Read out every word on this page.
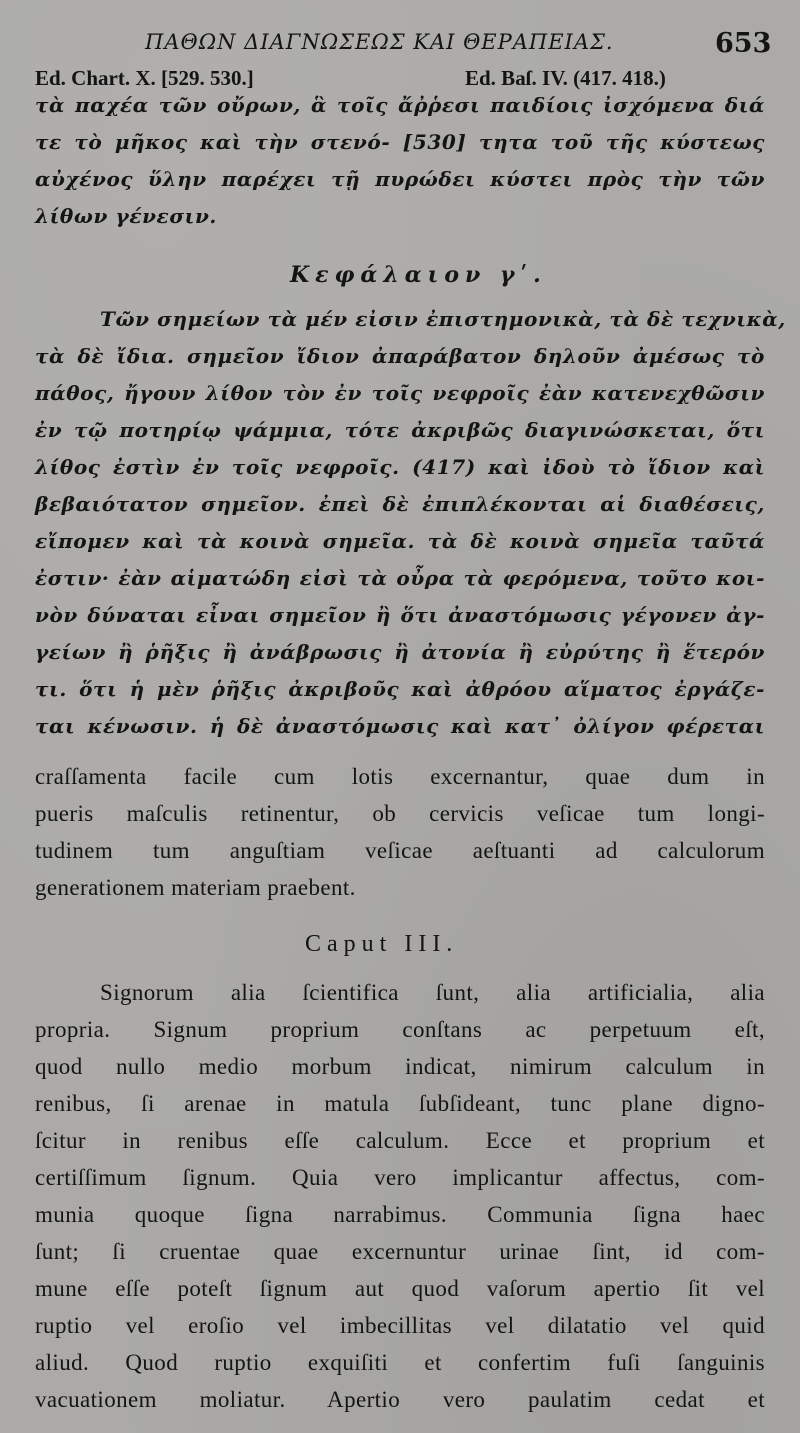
ΠΑΘΩΝ ΔΙΑΓΝΩΣΕΩΣ ΚΑΙ ΘΕΡΑΠΕΙΑΣ.	653
Ed. Chart. X. [529. 530.]	Ed. Baſ. IV. (417. 418.)
τὰ παχέα τῶν οὔρων, ἃ τοῖς ἄῤῥεσι παιδίοις ἰσχόμενα διά
τε τὸ μῆκος καὶ τὴν στενό- [530] τητα τοῦ τῆς κύστεως
αὐχένος ὕλην παρέχει τῇ πυρώδει κύστει πρὸς τὴν τῶν
λίθων γένεσιν.
Κεφάλαιον γʹ.
Τῶν σημείων τὰ μέν εἰσιν ἐπιστημονικὰ, τὰ δὲ τεχνικὰ,
τὰ δὲ ἴδια. σημεῖον ἴδιον ἀπαράβατον δηλοῦν ἀμέσως τὸ
πάθος, ἤγουν λίθον τὸν ἐν τοῖς νεφροῖς ἐὰν κατενεχθῶσιν
ἐν τῷ ποτηρίῳ ψάμμια, τότε ἀκριβῶς διαγινώσκεται, ὅτι
λίθος ἐστὶν ἐν τοῖς νεφροῖς. (417) καὶ ἰδοὺ τὸ ἴδιον καὶ
βεβαιότατον σημεῖον. ἐπεὶ δὲ ἐπιπλέκονται αἱ διαθέσεις,
εἴπομεν καὶ τὰ κοινὰ σημεῖα. τὰ δὲ κοινὰ σημεῖα ταῦτά
ἐστιν· ἐὰν αἱματώδη εἰσὶ τὰ οὖρα τὰ φερόμενα, τοῦτο κοι-
νὸν δύναται εἶναι σημεῖον ἢ ὅτι ἀναστόμωσις γέγονεν ἀγ-
γείων ἢ ῥῆξις ἢ ἀνάβρωσις ἢ ἀτονία ἢ εὐρύτης ἢ ἕτερόν
τι. ὅτι ἡ μὲν ῥῆξις ἀκριβοῦς καὶ ἀθρόου αἵματος ἐργάζε-
ται κένωσιν. ἡ δὲ ἀναστόμωσις καὶ κατ᾿ ὀλίγον φέρεται
craſſamenta facile cum lotis excernantur, quae dum in
pueris maſculis retinentur, ob cervicis veſicae tum longi-
tudinem tum anguſtiam veſicae aeſtuanti ad calculorum
generationem materiam praebent.
Caput III.
Signorum alia ſcientifica ſunt, alia artificialia, alia
propria. Signum proprium conſtans ac perpetuum eſt,
quod nullo medio morbum indicat, nimirum calculum in
renibus, ſi arenae in matula ſubſideant, tunc plane digno-
ſcitur in renibus eſſe calculum. Ecce et proprium et
certiſſimum ſignum. Quia vero implicantur affectus, com-
munia quoque ſigna narrabimus. Communia ſigna haec
ſunt; ſi cruentae quae excernuntur urinae ſint, id com-
mune eſſe poteſt ſignum aut quod vaſorum apertio ſit vel
ruptio vel eroſio vel imbecillitas vel dilatatio vel quid
aliud. Quod ruptio exquiſiti et confertim fuſi ſanguinis
vacuationem moliatur. Apertio vero paulatim cedat et
